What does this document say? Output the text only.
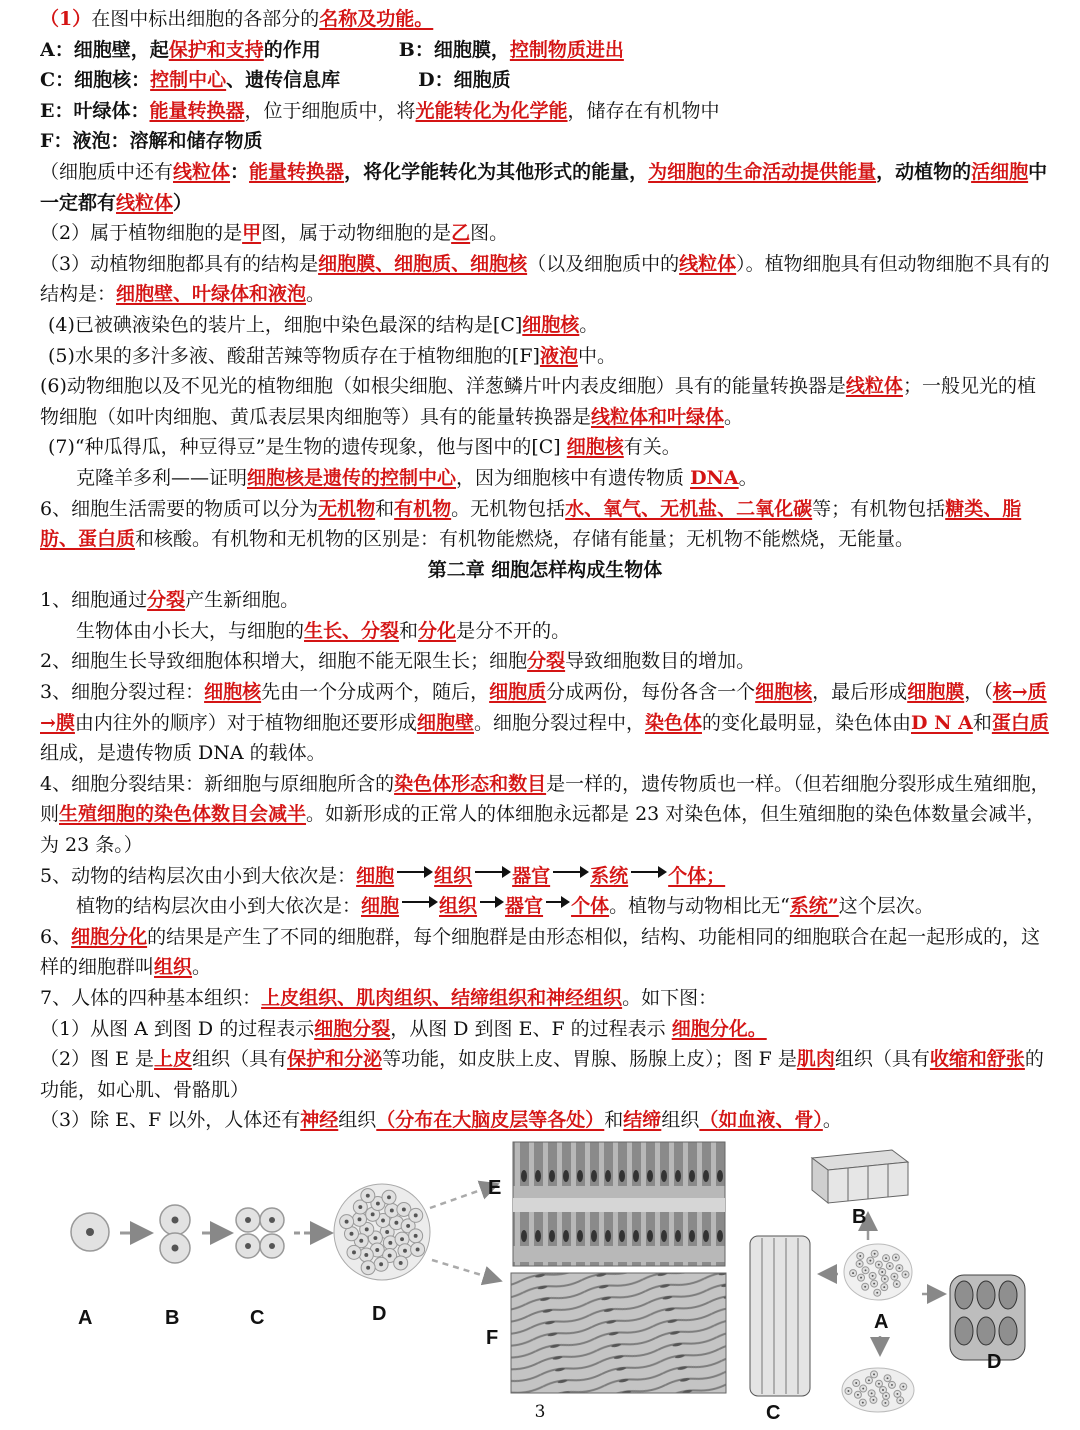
（1）在图中标出细胞的各部分的名称及功能。
A：细胞壁，起保护和支持的作用	B：细胞膜，控制物质进出
C：细胞核：控制中心、遗传信息库	D：细胞质
E：叶绿体：能量转换器，位于细胞质中，将光能转化为化学能，储存在有机物中
F：液泡：溶解和储存物质
（细胞质中还有线粒体：能量转换器，将化学能转化为其他形式的能量，为细胞的生命活动提供能量，动植物的活细胞中一定都有线粒体）
（2）属于植物细胞的是甲图，属于动物细胞的是乙图。
（3）动植物细胞都具有的结构是细胞膜、细胞质、细胞核（以及细胞质中的线粒体）。植物细胞具有但动物细胞不具有的结构是：细胞壁、叶绿体和液泡。
(4)已被碘液染色的装片上，细胞中染色最深的结构是[C]细胞核。
(5)水果的多汁多液、酸甜苦辣等物质存在于植物细胞的[F]液泡中。
(6)动物细胞以及不见光的植物细胞（如根尖细胞、洋葱鳞片叶内表皮细胞）具有的能量转换器是线粒体；一般见光的植物细胞（如叶肉细胞、黄瓜表层果肉细胞等）具有的能量转换器是线粒体和叶绿体。
(7)“种瓜得瓜，种豆得豆”是生物的遗传现象，他与图中的[C] 细胞核有关。
克隆羊多利——证明细胞核是遗传的控制中心，因为细胞核中有遗传物质 DNA。
6、细胞生活需要的物质可以分为无机物和有机物。无机物包括水、氧气、无机盐、二氧化碳等；有机物包括糖类、脂肪、蛋白质和核酸。有机物和无机物的区别是：有机物能燃烧，存储有能量；无机物不能燃烧，无能量。
第二章 细胞怎样构成生物体
1、细胞通过分裂产生新细胞。
生物体由小长大，与细胞的生长、分裂和分化是分不开的。
2、细胞生长导致细胞体积增大，细胞不能无限生长；细胞分裂导致细胞数目的增加。
3、细胞分裂过程：细胞核先由一个分成两个，随后，细胞质分成两份，每份各含一个细胞核，最后形成细胞膜，（核→质→膜由内往外的顺序）对于植物细胞还要形成细胞壁。细胞分裂过程中，染色体的变化最明显，染色体由D N A和蛋白质组成，是遗传物质 DNA 的载体。
4、细胞分裂结果：新细胞与原细胞所含的染色体形态和数目是一样的，遗传物质也一样。（但若细胞分裂形成生殖细胞，则生殖细胞的染色体数目会减半。如新形成的正常人的体细胞永远都是 23 对染色体，但生殖细胞的染色体数量会减半，为 23 条。）
5、动物的结构层次由小到大依次是：细胞 组织 器官 系统 个体；
植物的结构层次由小到大依次是：细胞 组织 器官 个体。植物与动物相比无“系统”这个层次。
6、细胞分化的结果是产生了不同的细胞群，每个细胞群是由形态相似，结构、功能相同的细胞联合在起一起形成的，这样的细胞群叫组织。
7、人体的四种基本组织：上皮组织、肌肉组织、结缔组织和神经组织。如下图：
（1）从图 A 到图 D 的过程表示细胞分裂，从图 D 到图 E、F 的过程表示 细胞分化。
（2）图 E 是上皮组织（具有保护和分泌等功能，如皮肤上皮、胃腺、肠腺上皮）；图 F 是肌肉组织（具有收缩和舒张的功能，如心肌、骨骼肌）
（3）除 E、F 以外，人体还有神经组织（分布在大脑皮层等各处）和结缔组织（如血液、骨）。
A	B	C	D
E
F
B
A
C
D
3
